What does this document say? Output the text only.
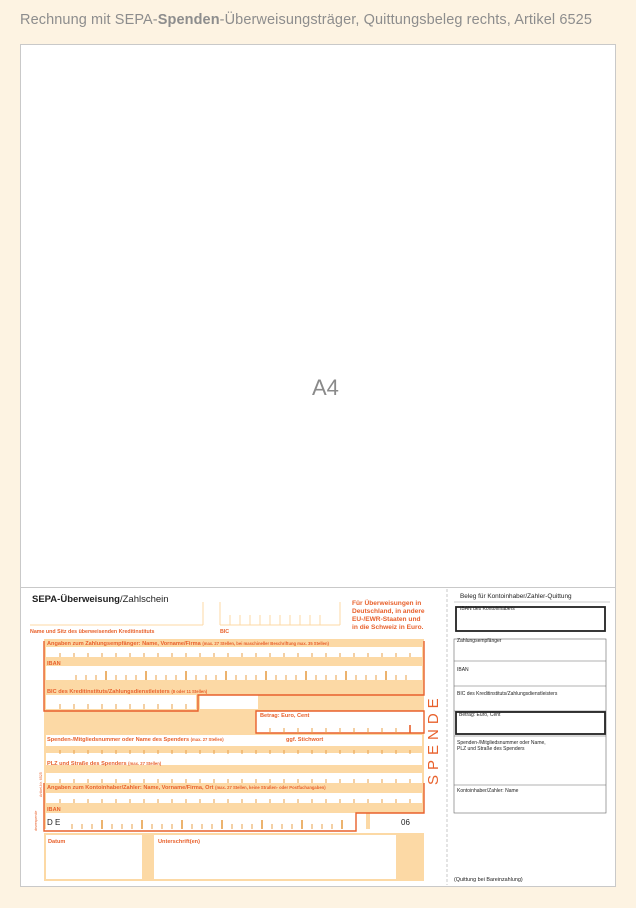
Rechnung mit SEPA-Spenden-Überweisungsträger, Quittungsbeleg rechts, Artikel 6525
A4
SEPA-Überweisung/Zahlschein
Name und Sitz des überweisenden Kreditinstituts	BIC
Für Überweisungen in Deutschland, in andere EU-/EWR-Staaten und in die Schweiz in Euro.
Angaben zum Zahlungsempfänger: Name, Vorname/Firma (max. 27 Stellen, bei maschineller Beschriftung max. 35 Stellen)
IBAN
BIC des Kreditinstituts/Zahlungsdienstleisters (8 oder 11 Stellen)
Betrag: Euro, Cent
Spenden-/Mitgliedsnummer oder Name des Spenders (max. 27 Stellen)	ggf. Stichwort
PLZ und Straße des Spenders (max. 27 Stellen)
Angaben zum Kontoinhaber/Zahler: Name, Vorname/Firma, Ort (max. 27 Stellen, keine Straßen- oder Postfachangaben)
IBAN
D E	06
Datum	Unterschrift(en)
SPENDE
dewespende
Artikel-Nr. 6525
Beleg für Kontoinhaber/Zahler-Quittung
IBAN des Kontoinhabers
Zahlungsempfänger
IBAN
BIC des Kreditinstituts/Zahlungsdienstleisters
Betrag: Euro, Cent
Spenden-/Mitgliedsnummer oder Name, PLZ und Straße des Spenders
Kontoinhaber/Zahler: Name
(Quittung bei Bareinzahlung)
